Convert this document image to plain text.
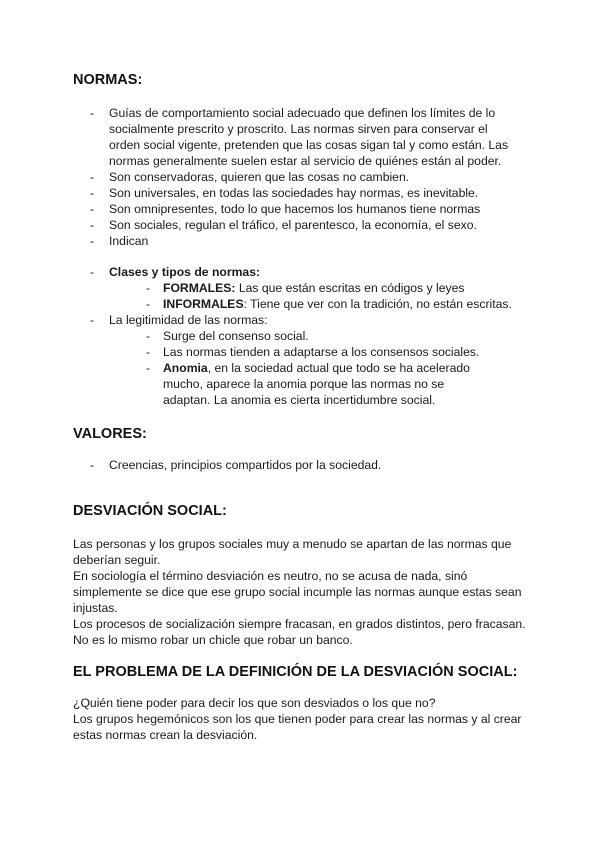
NORMAS:
- Guías de comportamiento social adecuado que definen los límites de lo socialmente prescrito y proscrito. Las normas sirven para conservar el orden social vigente, pretenden que las cosas sigan tal y como están. Las normas generalmente suelen estar al servicio de quiénes están al poder.
- Son conservadoras, quieren que las cosas no cambien.
- Son universales, en todas las sociedades hay normas, es inevitable.
- Son omnipresentes, todo lo que hacemos los humanos tiene normas
- Son sociales, regulan el tráfico, el parentesco, la economía, el sexo.
- Indican
- Clases y tipos de normas:
- FORMALES: Las que están escritas en códigos y leyes
- INFORMALES: Tiene que ver con la tradición, no están escritas.
- La legitimidad de las normas:
- Surge del consenso social.
- Las normas tienden a adaptarse a los consensos sociales.
- Anomia, en la sociedad actual que todo se ha acelerado mucho, aparece la anomia porque las normas no se adaptan. La anomia es cierta incertidumbre social.
VALORES:
- Creencias, principios compartidos por la sociedad.
DESVIACIÓN SOCIAL:

Las personas y los grupos sociales muy a menudo se apartan de las normas que deberían seguir.
En sociología el término desviación es neutro, no se acusa de nada, sinó simplemente se dice que ese grupo social incumple las normas aunque estas sean injustas.
Los procesos de socialización siempre fracasan, en grados distintos, pero fracasan. No es lo mismo robar un chicle que robar un banco.

EL PROBLEMA DE LA DEFINICIÓN DE LA DESVIACIÓN SOCIAL:

¿Quién tiene poder para decir los que son desviados o los que no?
Los grupos hegemónicos son los que tienen poder para crear las normas y al crear estas normas crean la desviación.
